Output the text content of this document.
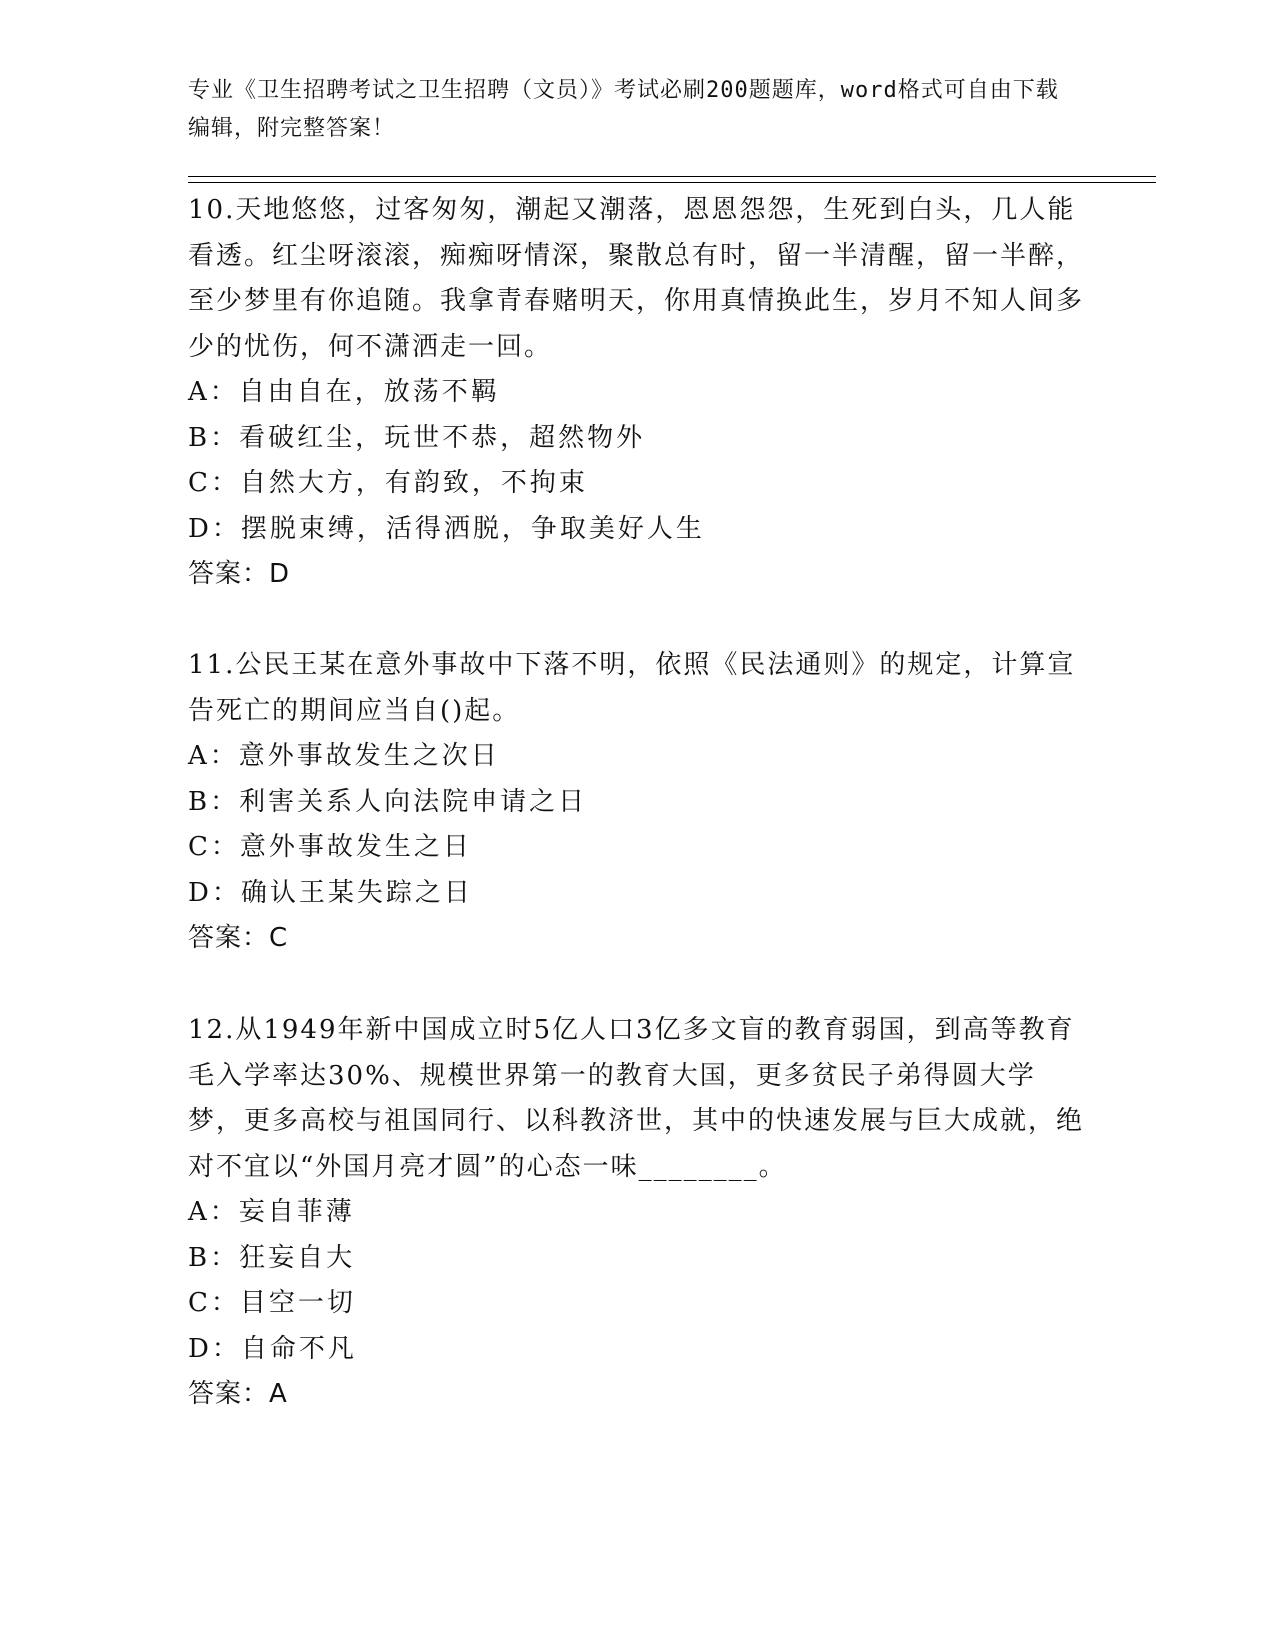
专业《卫生招聘考试之卫生招聘（文员）》考试必刷200题题库，word格式可自由下载编辑，附完整答案！

10.天地悠悠，过客匆匆，潮起又潮落，恩恩怨怨，生死到白头，几人能看透。红尘呀滚滚，痴痴呀情深，聚散总有时，留一半清醒，留一半醉，至少梦里有你追随。我拿青春赌明天，你用真情换此生，岁月不知人间多少的忧伤，何不潇洒走一回。

A：自由自在，放荡不羁

B：看破红尘，玩世不恭，超然物外

C：自然大方，有韵致，不拘束

D：摆脱束缚，活得洒脱，争取美好人生

答案：D

11.公民王某在意外事故中下落不明，依照《民法通则》的规定，计算宣告死亡的期间应当自()起。

A：意外事故发生之次日

B：利害关系人向法院申请之日

C：意外事故发生之日

D：确认王某失踪之日

答案：C

12.从1949年新中国成立时5亿人口3亿多文盲的教育弱国，到高等教育毛入学率达30%、规模世界第一的教育大国，更多贫民子弟得圆大学梦，更多高校与祖国同行、以科教济世，其中的快速发展与巨大成就，绝对不宜以“外国月亮才圆”的心态一味________。

A：妄自菲薄

B：狂妄自大

C：目空一切

D：自命不凡

答案：A
